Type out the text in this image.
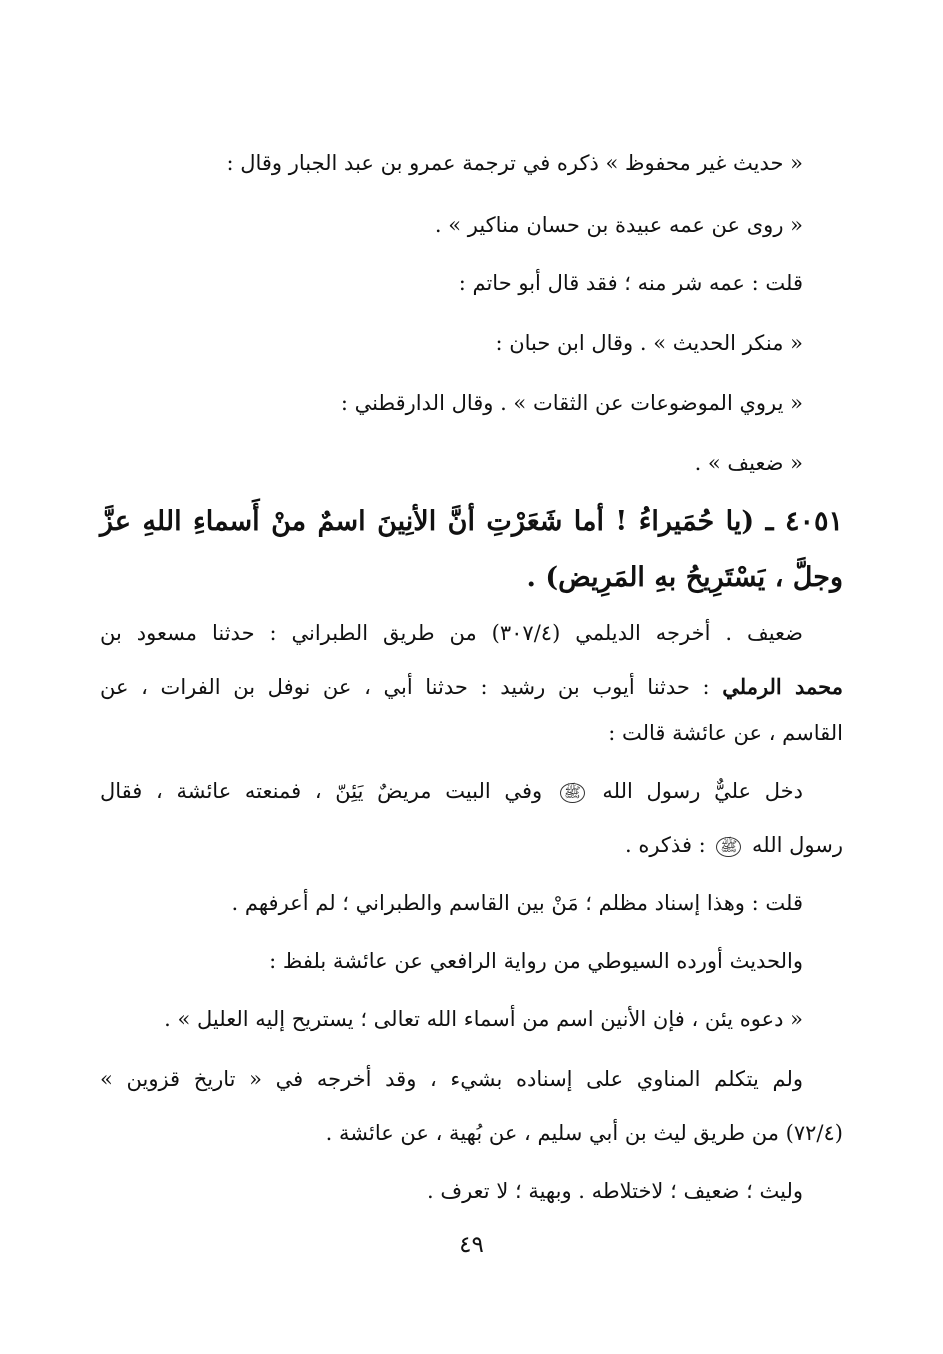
« حديث غير محفوظ » ذكره في ترجمة عمرو بن عبد الجبار وقال :
« روى عن عمه عبيدة بن حسان مناكير » .
قلت : عمه شر منه ؛ فقد قال أبو حاتم :
« منكر الحديث » . وقال ابن حبان :
« يروي الموضوعات عن الثقات » . وقال الدارقطني :
« ضعيف » .
٤٠٥١ ـ (يا حُمَيراءُ ! أما شَعَرْتِ أنَّ الأنِينَ اسمٌ منْ أَسماءِ اللهِ عزَّ
وجلَّ ، يَسْتَرِيحُ بهِ المَرِيض) .
ضعيف . أخرجه الديلمي (٣٠٧/٤) من طريق الطبراني : حدثنا مسعود بن
محمد الرملي : حدثنا أيوب بن رشيد : حدثنا أبي ، عن نوفل بن الفرات ، عن
القاسم ، عن عائشة قالت :
دخل عليٌّ رسول الله ﷺ وفي البيت مريضٌ يَئِنّ ، فمنعته عائشة ، فقال
رسول الله ﷺ : فذكره .
قلت : وهذا إسناد مظلم ؛ مَنْ بين القاسم والطبراني ؛ لم أعرفهم .
والحديث أورده السيوطي من رواية الرافعي عن عائشة بلفظ :
« دعوه يئن ، فإن الأنين اسم من أسماء الله تعالى ؛ يستريح إليه العليل » .
ولم يتكلم المناوي على إسناده بشيء ، وقد أخرجه في « تاريخ قزوين »
(٧٢/٤) من طريق ليث بن أبي سليم ، عن بُهية ، عن عائشة .
وليث ؛ ضعيف ؛ لاختلاطه . وبهية ؛ لا تعرف .
٤٩
